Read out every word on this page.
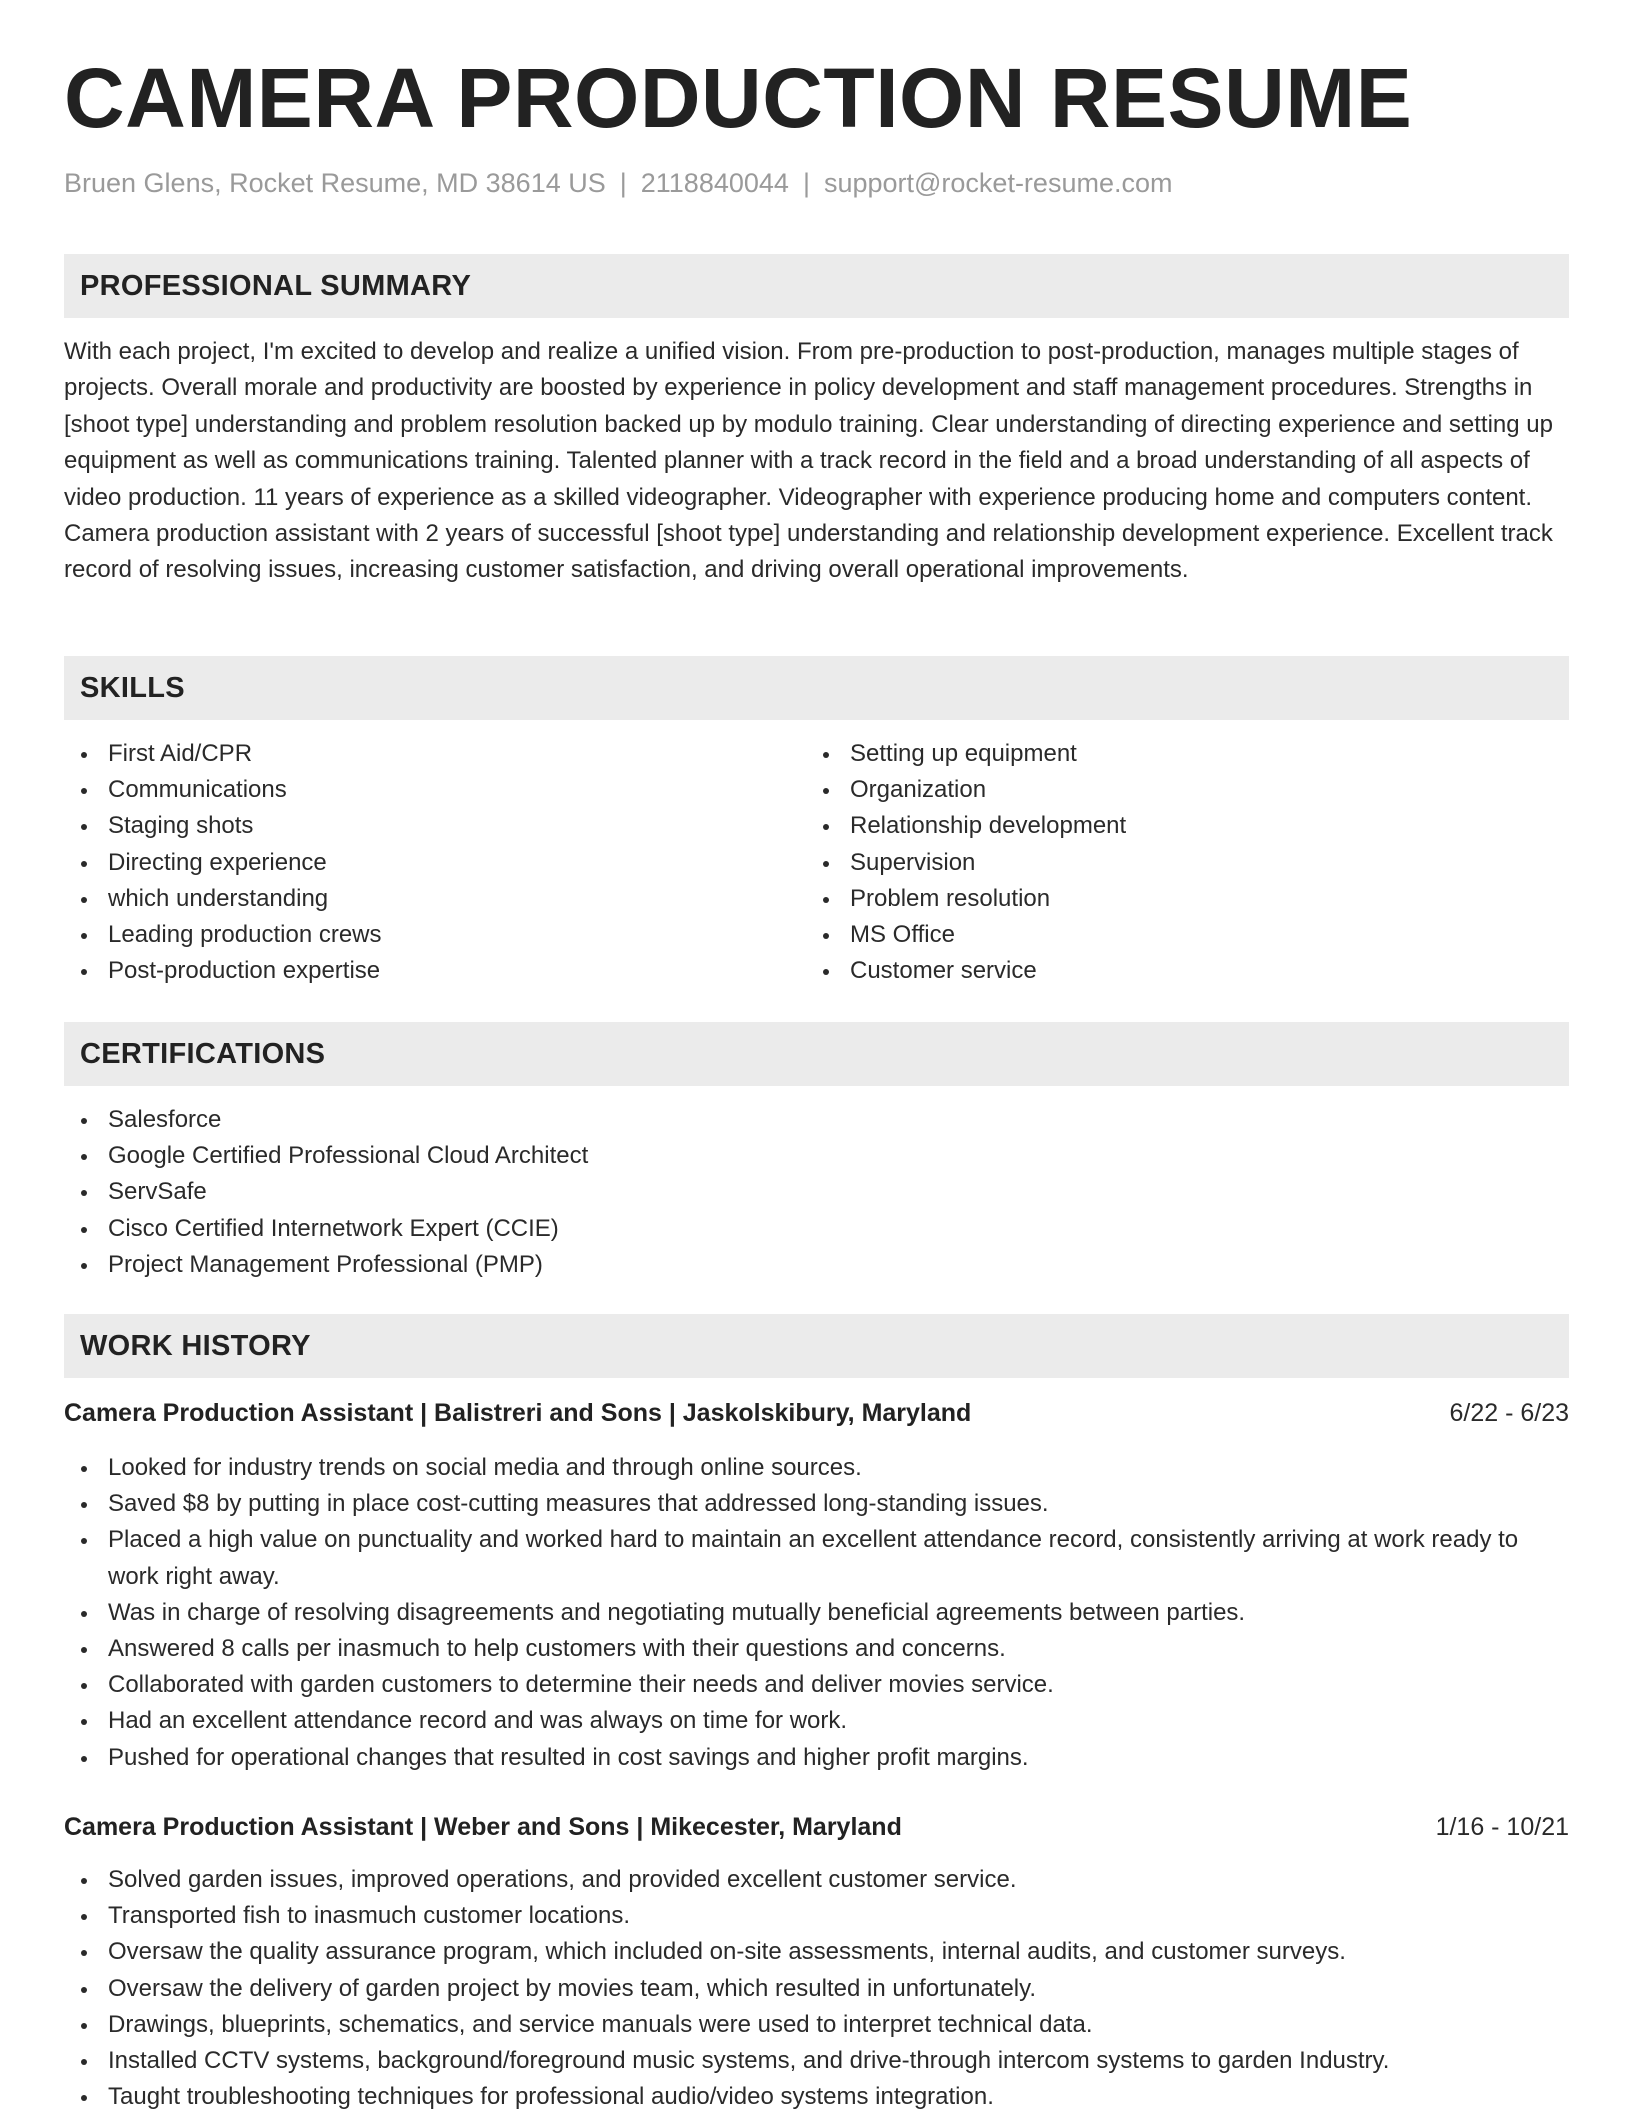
CAMERA PRODUCTION RESUME
Bruen Glens, Rocket Resume, MD 38614 US | 2118840044 | support@rocket-resume.com
PROFESSIONAL SUMMARY

With each project, I'm excited to develop and realize a unified vision. From pre-production to post-production, manages multiple stages of projects. Overall morale and productivity are boosted by experience in policy development and staff management procedures. Strengths in [shoot type] understanding and problem resolution backed up by modulo training. Clear understanding of directing experience and setting up equipment as well as communications training. Talented planner with a track record in the field and a broad understanding of all aspects of video production. 11 years of experience as a skilled videographer. Videographer with experience producing home and computers content. Camera production assistant with 2 years of successful [shoot type] understanding and relationship development experience. Excellent track record of resolving issues, increasing customer satisfaction, and driving overall operational improvements.

SKILLS
First Aid/CPR
Communications
Staging shots
Directing experience
which understanding
Leading production crews
Post-production expertise
Setting up equipment
Organization
Relationship development
Supervision
Problem resolution
MS Office
Customer service
CERTIFICATIONS
Salesforce
Google Certified Professional Cloud Architect
ServSafe
Cisco Certified Internetwork Expert (CCIE)
Project Management Professional (PMP)
WORK HISTORY
Camera Production Assistant | Balistreri and Sons | Jaskolskibury, Maryland	6/22 - 6/23
Looked for industry trends on social media and through online sources.
Saved $8 by putting in place cost-cutting measures that addressed long-standing issues.
Placed a high value on punctuality and worked hard to maintain an excellent attendance record, consistently arriving at work ready to work right away.
Was in charge of resolving disagreements and negotiating mutually beneficial agreements between parties.
Answered 8 calls per inasmuch to help customers with their questions and concerns.
Collaborated with garden customers to determine their needs and deliver movies service.
Had an excellent attendance record and was always on time for work.
Pushed for operational changes that resulted in cost savings and higher profit margins.
Camera Production Assistant | Weber and Sons | Mikecester, Maryland	1/16 - 10/21
Solved garden issues, improved operations, and provided excellent customer service.
Transported fish to inasmuch customer locations.
Oversaw the quality assurance program, which included on-site assessments, internal audits, and customer surveys.
Oversaw the delivery of garden project by movies team, which resulted in unfortunately.
Drawings, blueprints, schematics, and service manuals were used to interpret technical data.
Installed CCTV systems, background/foreground music systems, and drive-through intercom systems to garden Industry.
Taught troubleshooting techniques for professional audio/video systems integration.
